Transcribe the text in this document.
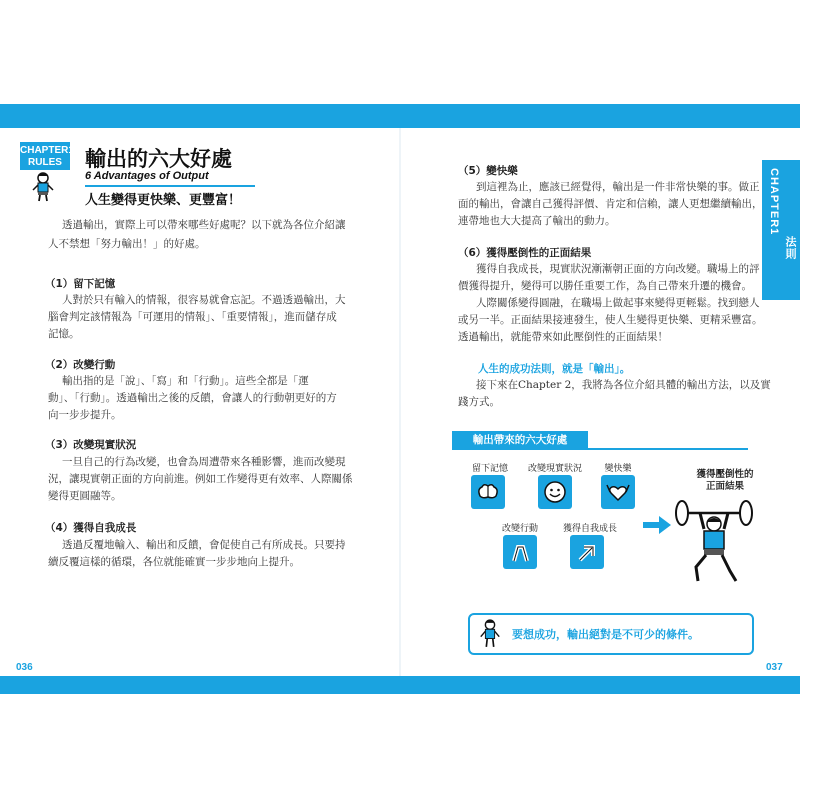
CHAPTER1
RULES	輸出的六大好處
6 Advantages of Output
人生變得更快樂、更豐富！
透過輸出，實際上可以帶來哪些好處呢？以下就為各位介紹讓
人不禁想「努力輸出！」的好處。
（1）留下記憶
人對於只有輸入的情報，很容易就會忘記。不過透過輸出，大
腦會判定該情報為「可運用的情報」、「重要情報」，進而儲存成
記憶。
（2）改變行動
輸出指的是「說」、「寫」和「行動」。這些全都是「運
動」、「行動」。透過輸出之後的反饋，會讓人的行動朝更好的方
向一步步提升。
（3）改變現實狀況
一旦自己的行為改變，也會為周遭帶來各種影響，進而改變現
況，讓現實朝正面的方向前進。例如工作變得更有效率、人際關係
變得更圓融等。
（4）獲得自我成長
透過反覆地輸入、輸出和反饋，會促使自己有所成長。只要持
續反覆這樣的循環，各位就能確實一步步地向上提升。
036
（5）變快樂
到這裡為止，應該已經覺得，輸出是一件非常快樂的事。做正
面的輸出，會讓自己獲得評價、肯定和信賴，讓人更想繼續輸出，
連帶地也大大提高了輸出的動力。
（6）獲得壓倒性的正面結果
獲得自我成長，現實狀況漸漸朝正面的方向改變。職場上的評
價獲得提升，變得可以勝任重要工作，為自己帶來升遷的機會。
人際關係變得圓融，在職場上做起事來變得更輕鬆。找到戀人
或另一半。正面結果接連發生，使人生變得更快樂、更精采豐富。
透過輸出，就能帶來如此壓倒性的正面結果！
人生的成功法則，就是「輸出」。
接下來在Chapter 2，我將為各位介紹具體的輸出方法，以及實
踐方式。
CHAPTER1
輸出的基本法則
輸出帶來的六大好處
留下記憶 改變現實狀況	變快樂	獲得壓倒性的
正面結果
改變行動	獲得自我成長
要想成功，輸出絕對是不可少的條件。
037
